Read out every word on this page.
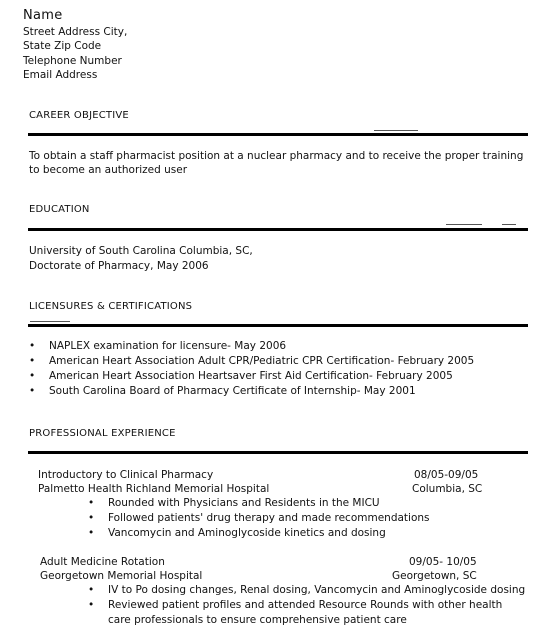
Name
Street Address City,
State Zip Code
Telephone Number
Email Address
CAREER OBJECTIVE
To obtain a staff pharmacist position at a nuclear pharmacy and to receive the proper training
to become an authorized user
EDUCATION
University of South Carolina Columbia, SC,
Doctorate of Pharmacy, May 2006
LICENSURES & CERTIFICATIONS
• NAPLEX examination for licensure- May 2006
• American Heart Association Adult CPR/Pediatric CPR Certification- February 2005
• American Heart Association Heartsaver First Aid Certification- February 2005
• South Carolina Board of Pharmacy Certificate of Internship- May 2001
PROFESSIONAL EXPERIENCE
Introductory to Clinical Pharmacy	08/05-09/05
Palmetto Health Richland Memorial Hospital	Columbia, SC
• Rounded with Physicians and Residents in the MICU
• Followed patients' drug therapy and made recommendations
• Vancomycin and Aminoglycoside kinetics and dosing
Adult Medicine Rotation	09/05- 10/05
Georgetown Memorial Hospital	Georgetown, SC
• IV to Po dosing changes, Renal dosing, Vancomycin and Aminoglycoside dosing
• Reviewed patient profiles and attended Resource Rounds with other health
care professionals to ensure comprehensive patient care
